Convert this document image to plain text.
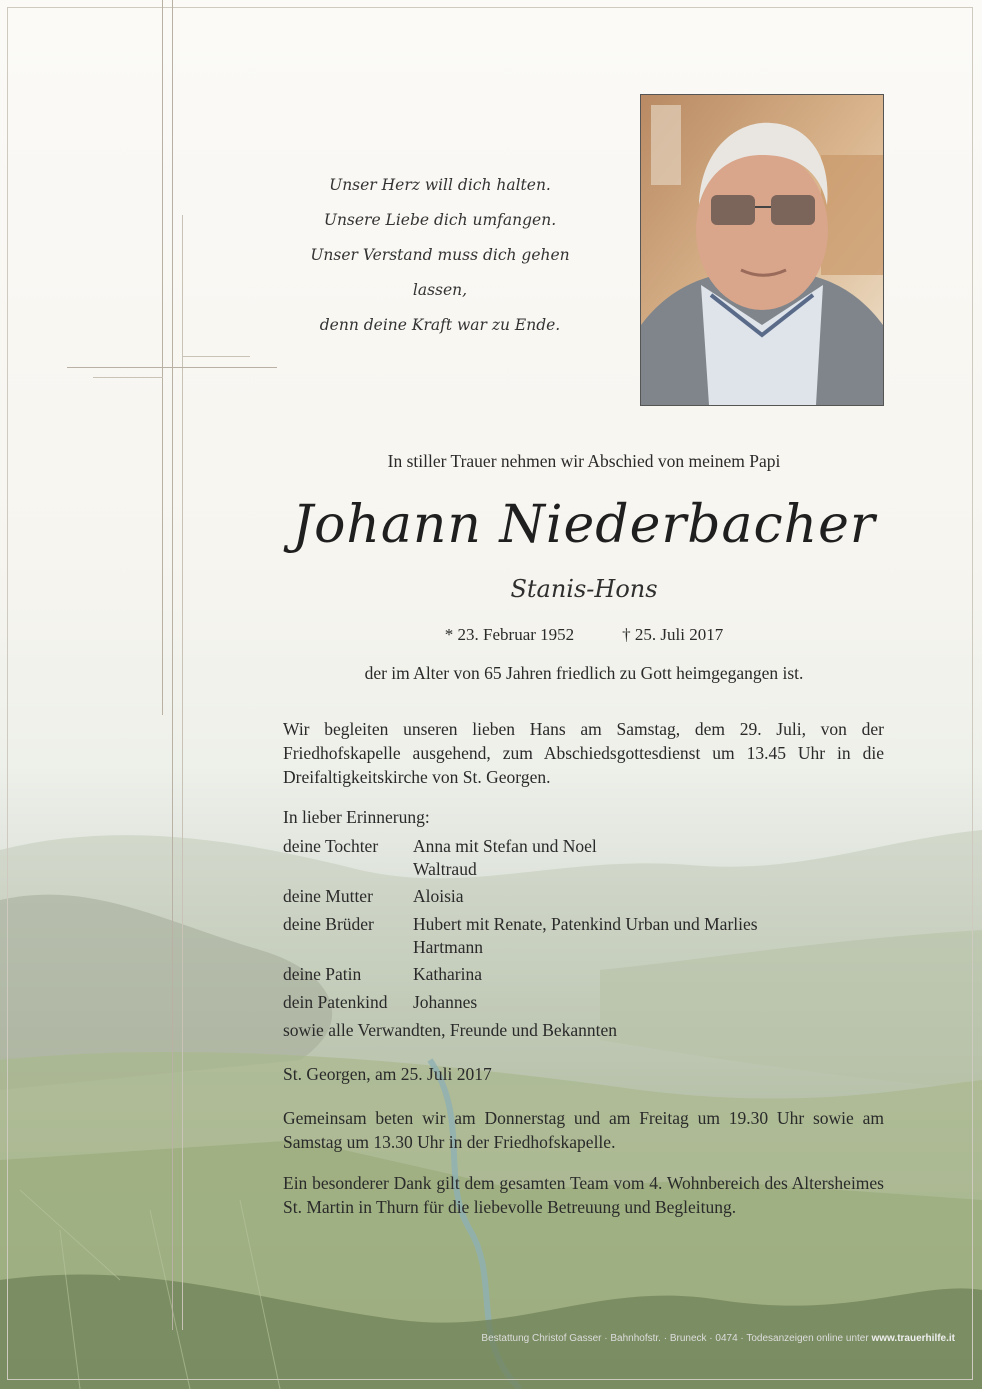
Unser Herz will dich halten.
Unsere Liebe dich umfangen.
Unser Verstand muss dich gehen lassen,
denn deine Kraft war zu Ende.
In stiller Trauer nehmen wir Abschied von meinem Papi
Johann Niederbacher
Stanis-Hons
* 23. Februar 1952	† 25. Juli 2017
der im Alter von 65 Jahren friedlich zu Gott heimgegangen ist.
Wir begleiten unseren lieben Hans am Samstag, dem 29. Juli, von der Friedhofskapelle ausgehend, zum Abschiedsgottesdienst um 13.45 Uhr in die Dreifaltigkeitskirche von St. Georgen.
In lieber Erinnerung:
deine Tochter Anna mit Stefan und Noel
Waltraud
deine Mutter Aloisia
deine Brüder Hubert mit Renate, Patenkind Urban und Marlies
Hartmann
deine Patin	Katharina
dein Patenkind Johannes
sowie alle Verwandten, Freunde und Bekannten
St. Georgen, am 25. Juli 2017
Gemeinsam beten wir am Donnerstag und am Freitag um 19.30 Uhr sowie am Samstag um 13.30 Uhr in der Friedhofskapelle.
Ein besonderer Dank gilt dem gesamten Team vom 4. Wohnbereich des Altersheimes St. Martin in Thurn für die liebevolle Betreuung und Begleitung.
Bestattung Christof Gasser · Bahnhofstr. · Bruneck · 0474 · Todesanzeigen online unter www.trauerhilfe.it
